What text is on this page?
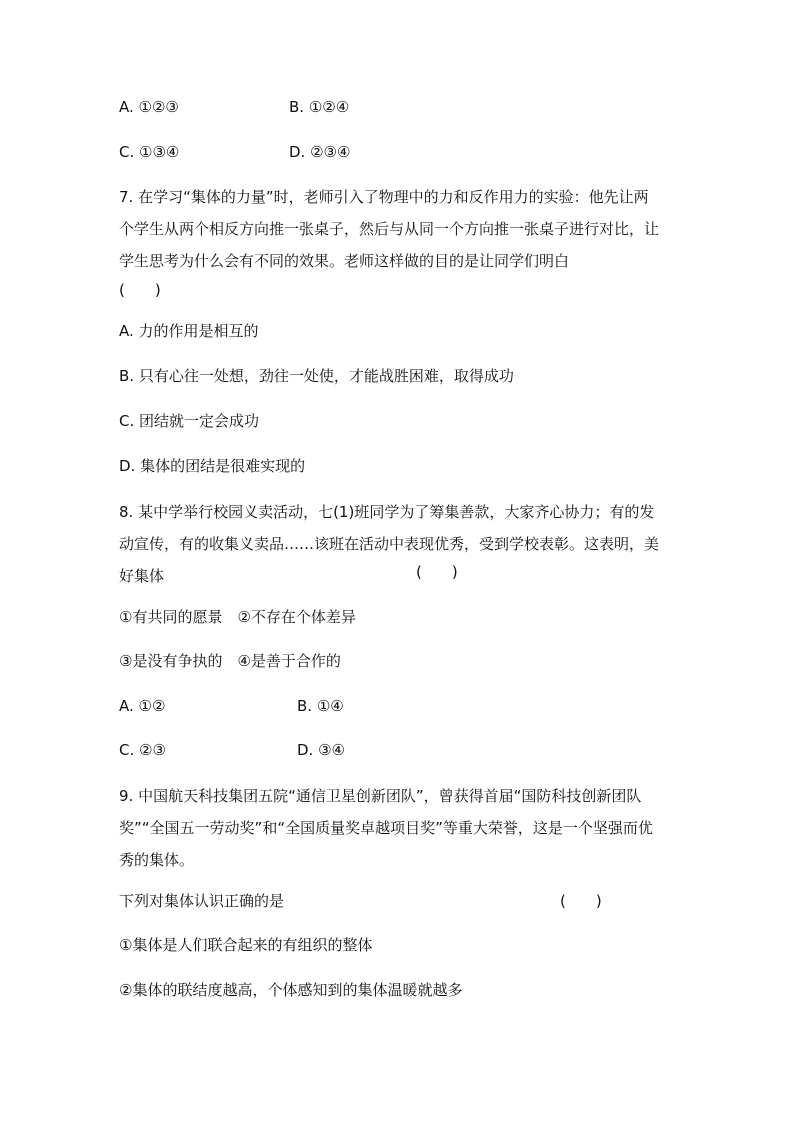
A. ①②③	B. ①②④
C. ①③④	D. ②③④
7. 在学习“集体的力量”时，老师引入了物理中的力和反作用力的实验：他先让两个学生从两个相反方向推一张桌子，然后与从同一个方向推一张桌子进行对比，让学生思考为什么会有不同的效果。老师这样做的目的是让同学们明白
(　　)
A. 力的作用是相互的
B. 只有心往一处想，劲往一处使，才能战胜困难，取得成功
C. 团结就一定会成功
D. 集体的团结是很难实现的
8. 某中学举行校园义卖活动，七(1)班同学为了筹集善款，大家齐心协力；有的发动宣传，有的收集义卖品……该班在活动中表现优秀，受到学校表彰。这表明，美好集体	(　　)
①有共同的愿景　②不存在个体差异
③是没有争执的　④是善于合作的
A. ①②	B. ①④
C. ②③	D. ③④
9. 中国航天科技集团五院“通信卫星创新团队”，曾获得首届“国防科技创新团队奖”“全国五一劳动奖”和“全国质量奖卓越项目奖”等重大荣誉，这是一个坚强而优秀的集体。
下列对集体认识正确的是	(　　)
①集体是人们联合起来的有组织的整体
②集体的联结度越高，个体感知到的集体温暖就越多
